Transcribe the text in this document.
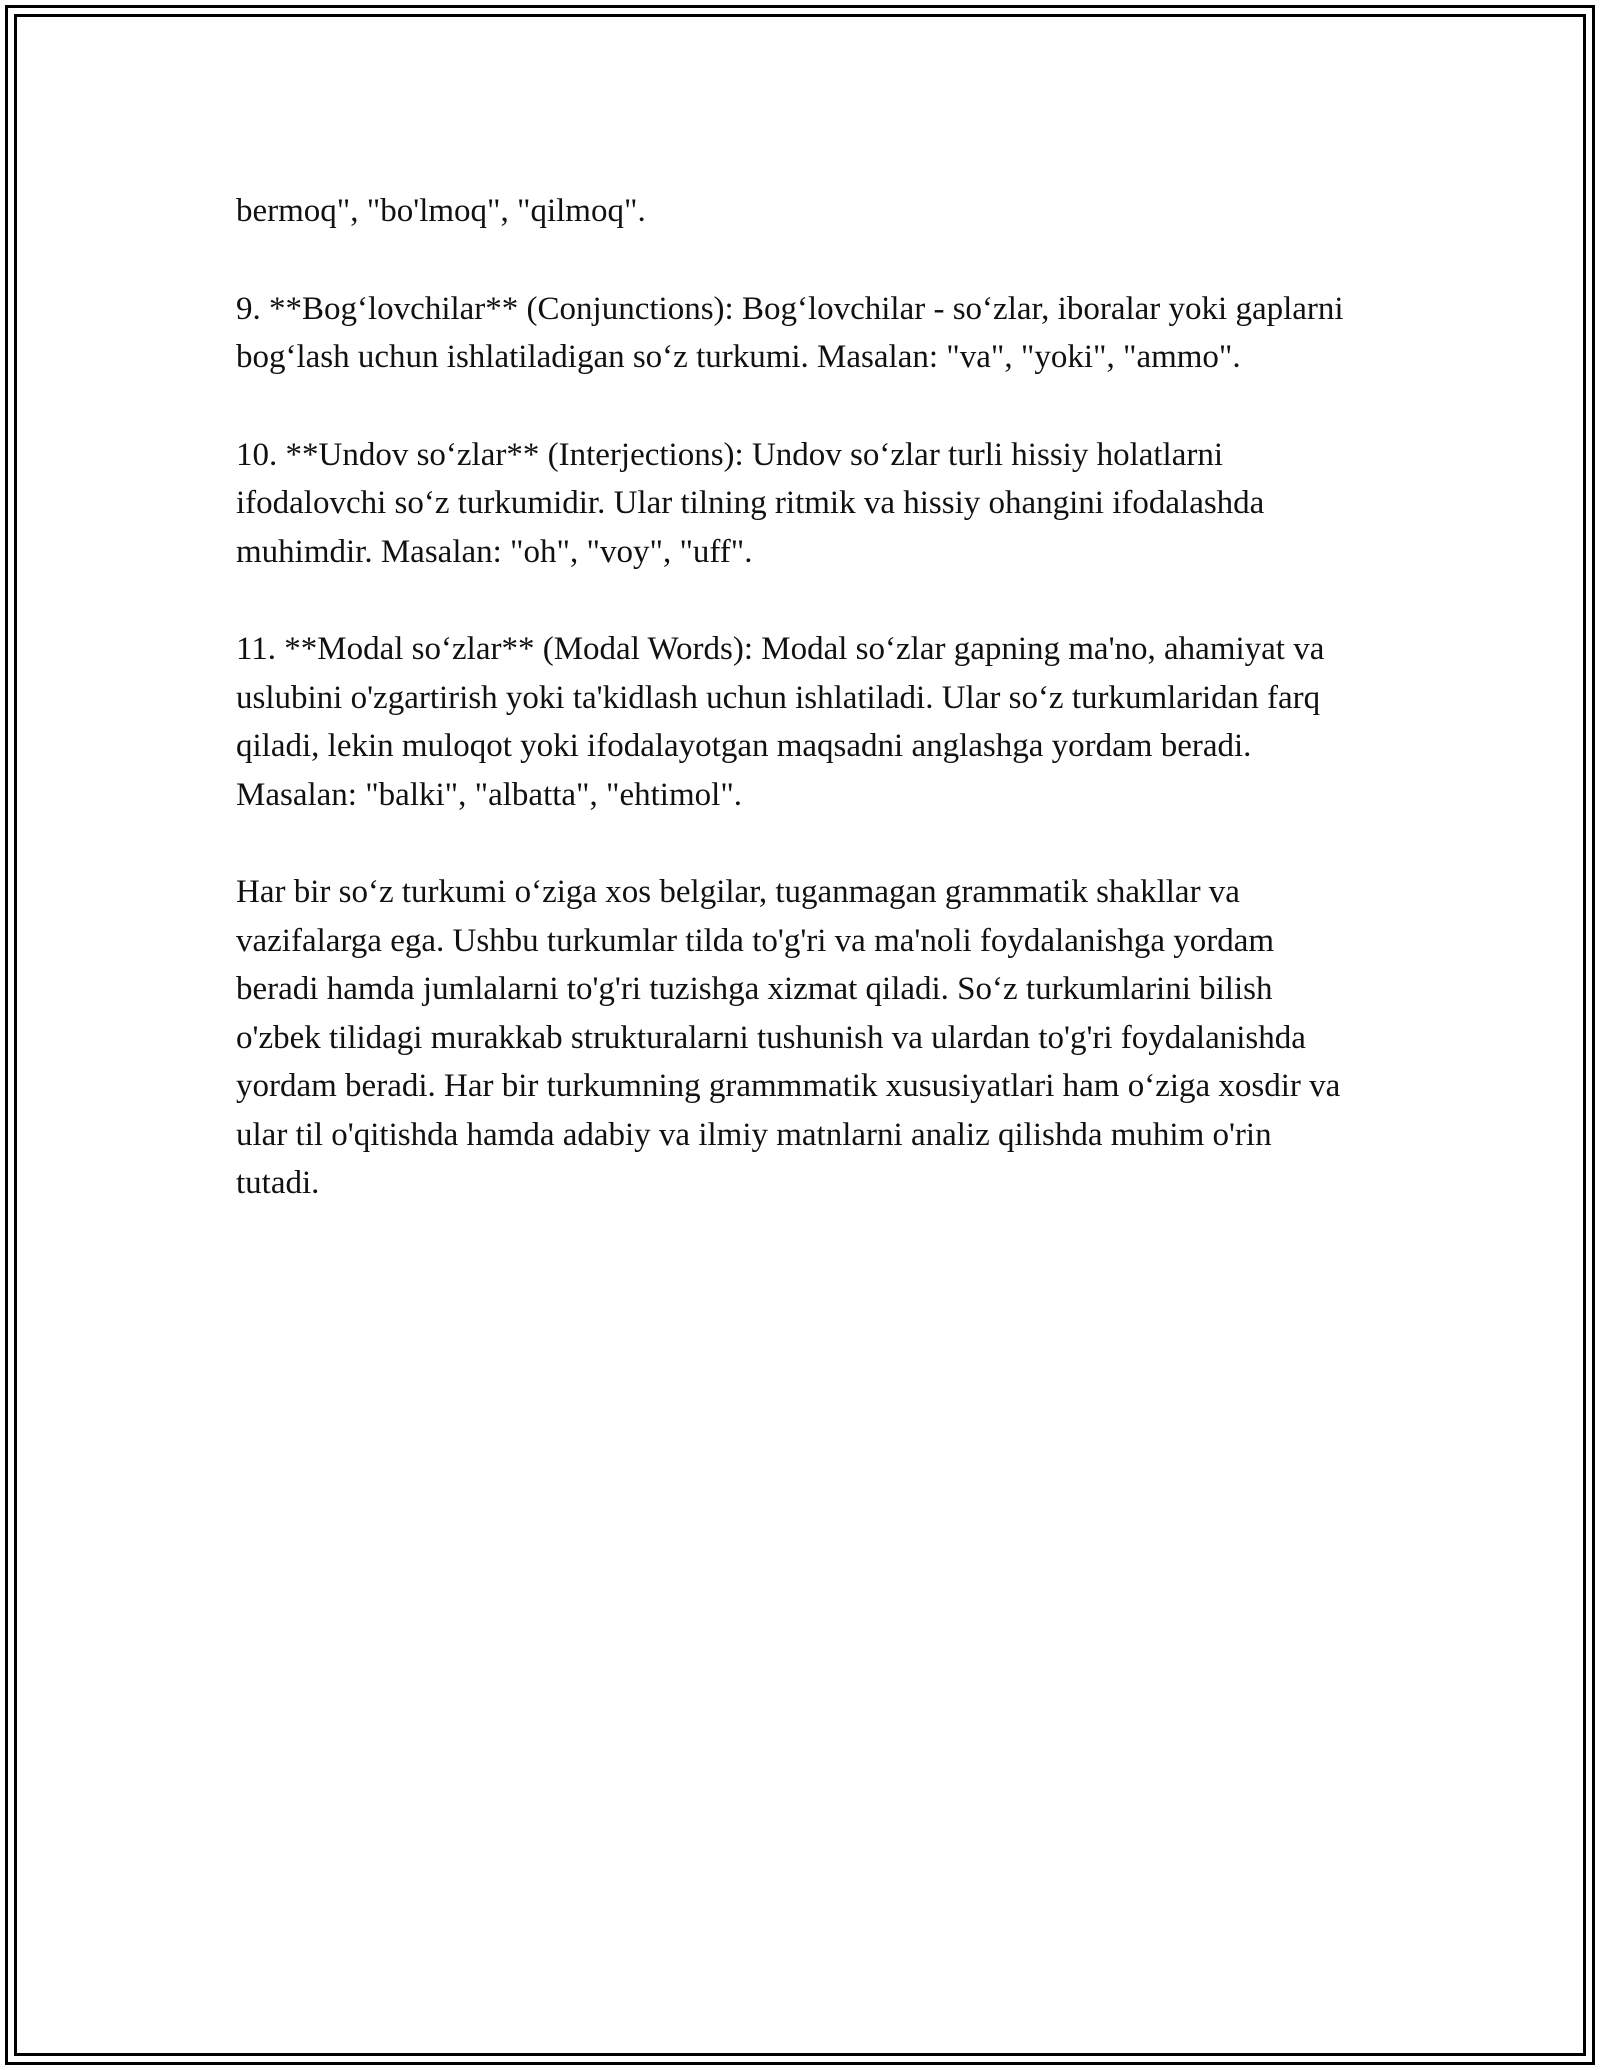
bermoq", "bo'lmoq", "qilmoq".

9. **Bogʻlovchilar** (Conjunctions): Bogʻlovchilar - soʻzlar, iboralar yoki gaplarni bogʻlash uchun ishlatiladigan soʻz turkumi. Masalan: "va", "yoki", "ammo".

10. **Undov soʻzlar** (Interjections): Undov soʻzlar turli hissiy holatlarni ifodalovchi soʻz turkumidir. Ular tilning ritmik va hissiy ohangini ifodalashda muhimdir. Masalan: "oh", "voy", "uff".

11. **Modal soʻzlar** (Modal Words): Modal soʻzlar gapning ma'no, ahamiyat va uslubini o'zgartirish yoki ta'kidlash uchun ishlatiladi. Ular soʻz turkumlaridan farq qiladi, lekin muloqot yoki ifodalayotgan maqsadni anglashga yordam beradi. Masalan: "balki", "albatta", "ehtimol".

Har bir soʻz turkumi oʻziga xos belgilar, tuganmagan grammatik shakllar va vazifalarga ega. Ushbu turkumlar tilda to'g'ri va ma'noli foydalanishga yordam beradi hamda jumlalarni to'g'ri tuzishga xizmat qiladi. Soʻz turkumlarini bilish o'zbek tilidagi murakkab strukturalarni tushunish va ulardan to'g'ri foydalanishda yordam beradi. Har bir turkumning grammmatik xususiyatlari ham oʻziga xosdir va ular til o'qitishda hamda adabiy va ilmiy matnlarni analiz qilishda muhim o'rin tutadi.
